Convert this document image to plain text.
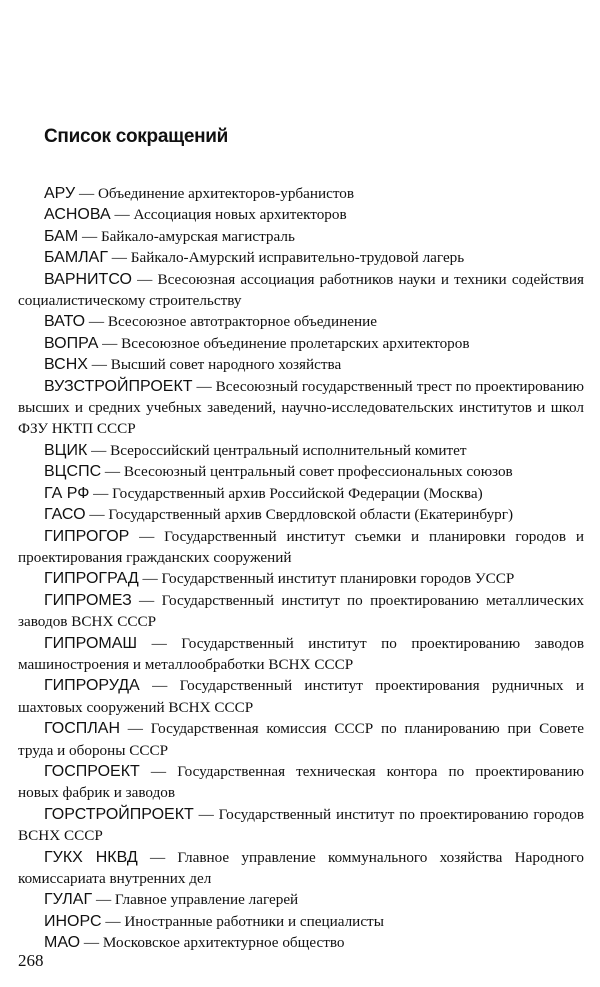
Список сокращений
АРУ — Объединение архитекторов-урбанистов
АСНОВА — Ассоциация новых архитекторов
БАМ — Байкало-амурская магистраль
БАМЛАГ — Байкало-Амурский исправительно-трудовой лагерь
ВАРНИТСО — Всесоюзная ассоциация работников науки и техники содействия социалистическому строительству
ВАТО — Всесоюзное автотракторное объединение
ВОПРА — Всесоюзное объединение пролетарских архитекторов
ВСНХ — Высший совет народного хозяйства
ВУЗСТРОЙПРОЕКТ — Всесоюзный государственный трест по проектированию высших и средних учебных заведений, научно-исследовательских институтов и школ ФЗУ НКТП СССР
ВЦИК — Всероссийский центральный исполнительный комитет
ВЦСПС — Всесоюзный центральный совет профессиональных союзов
ГА РФ — Государственный архив Российской Федерации (Москва)
ГАСО — Государственный архив Свердловской области (Екатеринбург)
ГИПРОГОР — Государственный институт съемки и планировки городов и проектирования гражданских сооружений
ГИПРОГРАД — Государственный институт планировки городов УССР
ГИПРОМЕЗ — Государственный институт по проектированию металлических заводов ВСНХ СССР
ГИПРОМАШ — Государственный институт по проектированию заводов машиностроения и металлообработки ВСНХ СССР
ГИПРОРУДА — Государственный институт проектирования рудничных и шахтовых сооружений ВСНХ СССР
ГОСПЛАН — Государственная комиссия СССР по планированию при Совете труда и обороны СССР
ГОСПРОЕКТ — Государственная техническая контора по проектированию новых фабрик и заводов
ГОРСТРОЙПРОЕКТ — Государственный институт по проектированию городов ВСНХ СССР
ГУКХ НКВД — Главное управление коммунального хозяйства Народного комиссариата внутренних дел
ГУЛАГ — Главное управление лагерей
ИНОРС — Иностранные работники и специалисты
МАО — Московское архитектурное общество
268
